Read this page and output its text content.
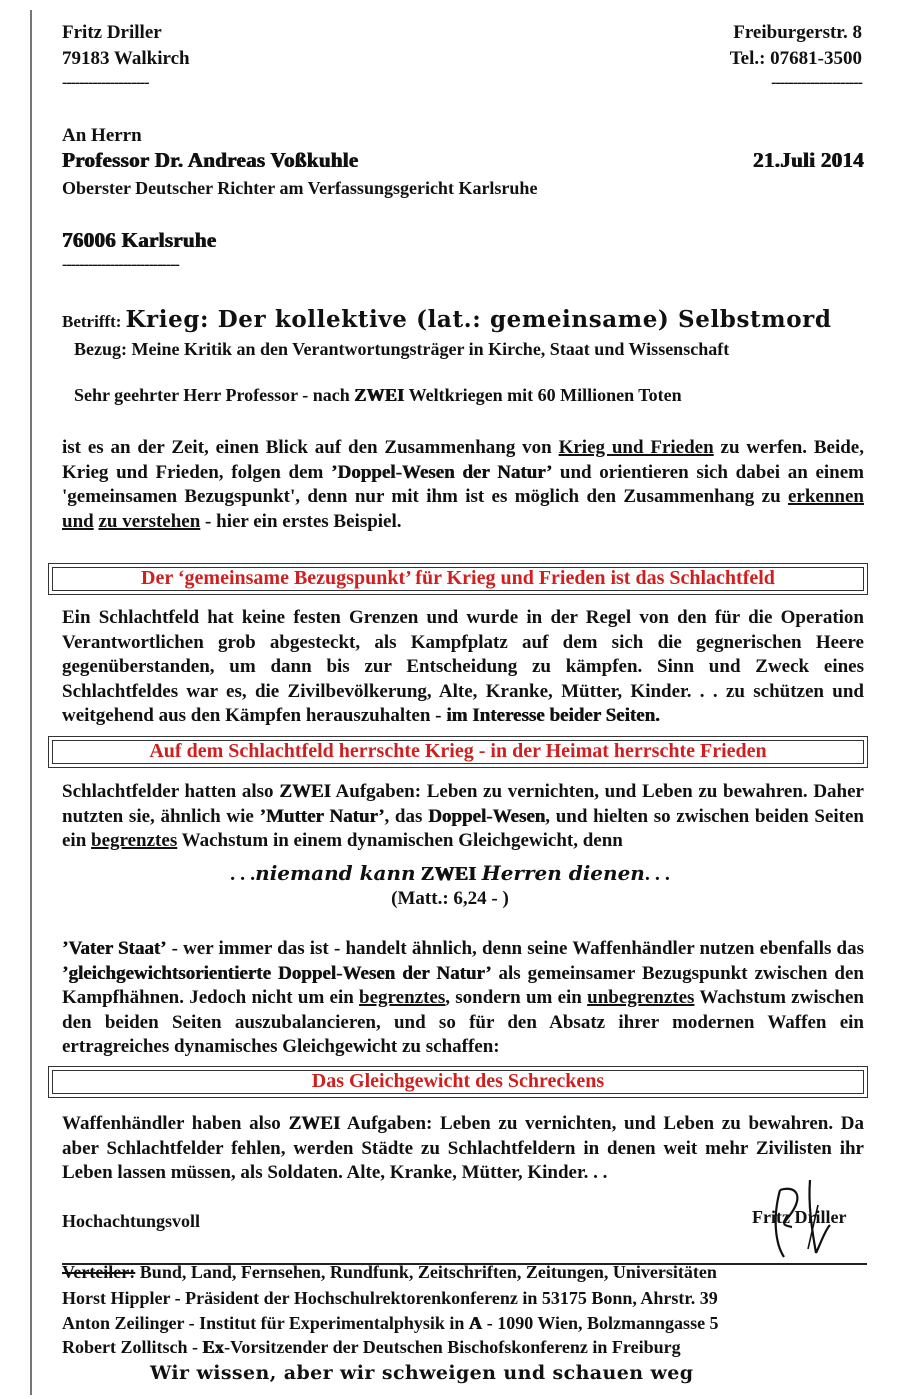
Fritz Driller
79183 Walkirch
--------------------
Freiburgerstr. 8
Tel.: 07681-3500
---------------------
An Herrn
Professor Dr. Andreas Voßkuhle	21.Juli 2014
Oberster Deutscher Richter am Verfassungsgericht Karlsruhe
76006 Karlsruhe
---------------------------
Betrifft: Krieg: Der kollektive (lat.: gemeinsame) Selbstmord
Bezug: Meine Kritik an den Verantwortungsträger in Kirche, Staat und Wissenschaft
Sehr geehrter Herr Professor - nach ZWEI Weltkriegen mit 60 Millionen Toten
ist es an der Zeit, einen Blick auf den Zusammenhang von Krieg und Frieden zu werfen. Beide, Krieg und Frieden, folgen dem ’Doppel-Wesen der Natur’ und orientieren sich dabei an einem 'gemeinsamen Bezugspunkt', denn nur mit ihm ist es möglich den Zusammenhang zu erkennen und zu verstehen - hier ein erstes Beispiel.
Der ‘gemeinsame Bezugspunkt’ für Krieg und Frieden ist das Schlachtfeld
Ein Schlachtfeld hat keine festen Grenzen und wurde in der Regel von den für die Operation Verantwortlichen grob abgesteckt, als Kampfplatz auf dem sich die gegnerischen Heere gegenüberstanden, um dann bis zur Entscheidung zu kämpfen. Sinn und Zweck eines Schlachtfeldes war es, die Zivilbevölkerung, Alte, Kranke, Mütter, Kinder. . . zu schützen und weitgehend aus den Kämpfen herauszuhalten - im Interesse beider Seiten.
Auf dem Schlachtfeld herrschte Krieg - in der Heimat herrschte Frieden
Schlachtfelder hatten also ZWEI Aufgaben: Leben zu vernichten, und Leben zu bewahren. Daher nutzten sie, ähnlich wie ’Mutter Natur’, das Doppel-Wesen, und hielten so zwischen beiden Seiten ein begrenztes Wachstum in einem dynamischen Gleichgewicht, denn
. . .niemand kann ZWEI Herren dienen. . .
(Matt.: 6,24 - )
’Vater Staat’ - wer immer das ist - handelt ähnlich, denn seine Waffenhändler nutzen ebenfalls das ’gleichgewichtsorientierte Doppel-Wesen der Natur’ als gemeinsamer Bezugspunkt zwischen den Kampfhähnen. Jedoch nicht um ein begrenztes, sondern um ein unbegrenztes Wachstum zwischen den beiden Seiten auszubalancieren, und so für den Absatz ihrer modernen Waffen ein ertragreiches dynamisches Gleichgewicht zu schaffen:
Das Gleichgewicht des Schreckens
Waffenhändler haben also ZWEI Aufgaben: Leben zu vernichten, und Leben zu bewahren. Da aber Schlachtfelder fehlen, werden Städte zu Schlachtfeldern in denen weit mehr Zivilisten ihr Leben lassen müssen, als Soldaten. Alte, Kranke, Mütter, Kinder. . .
Hochachtungsvoll	Fritz Driller
Verteiler: Bund, Land, Fernsehen, Rundfunk, Zeitschriften, Zeitungen, Universitäten
Horst Hippler - Präsident der Hochschulrektorenkonferenz in 53175 Bonn, Ahrstr. 39
Anton Zeilinger - Institut für Experimentalphysik in A - 1090 Wien, Bolzmanngasse 5
Robert Zollitsch - Ex-Vorsitzender der Deutschen Bischofskonferenz in Freiburg
Wir wissen, aber wir schweigen und schauen weg
